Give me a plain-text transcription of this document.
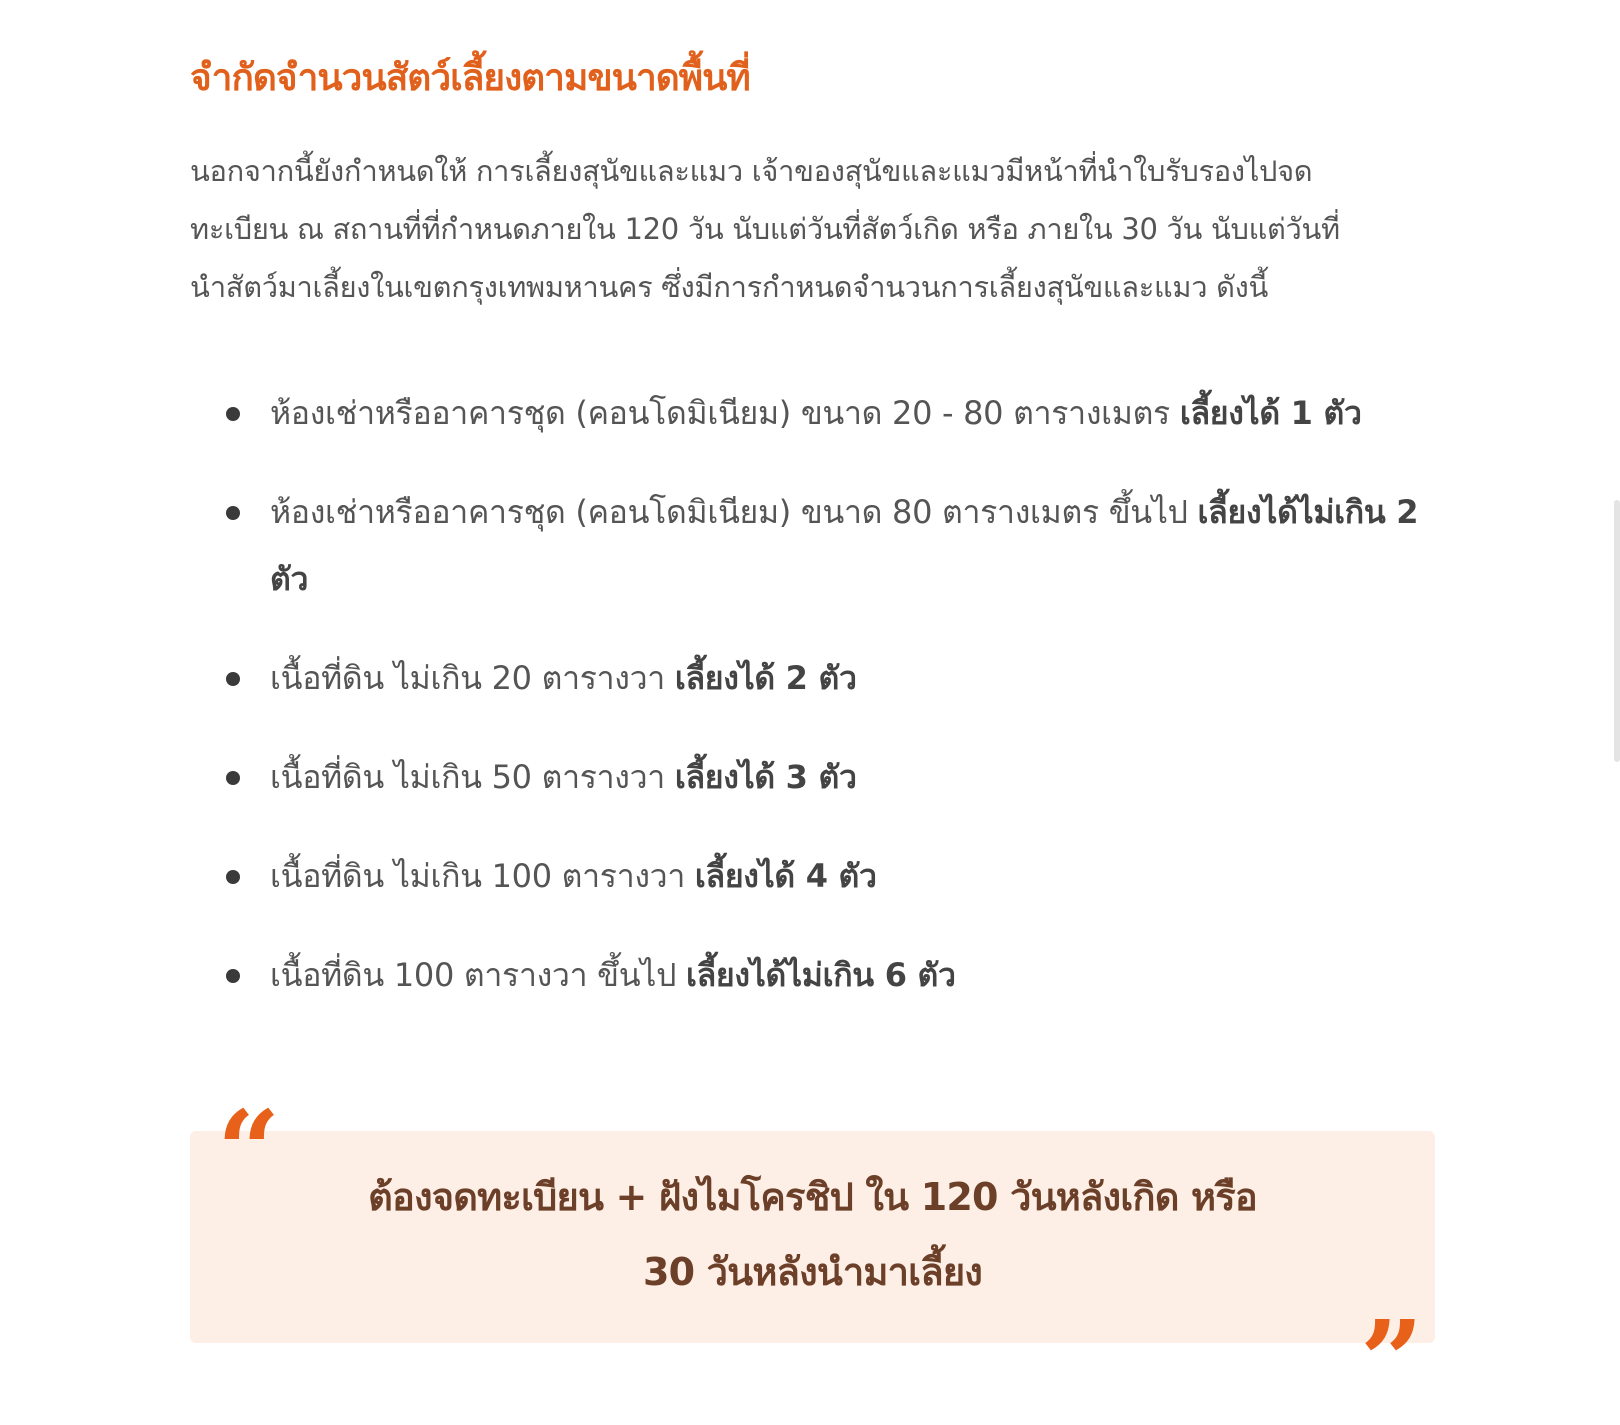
จำกัดจำนวนสัตว์เลี้ยงตามขนาดพื้นที่

นอกจากนี้ยังกำหนดให้ การเลี้ยงสุนัขและแมว เจ้าของสุนัขและแมวมีหน้าที่นำใบรับรองไปจด
ทะเบียน ณ สถานที่ที่กำหนดภายใน 120 วัน นับแต่วันที่สัตว์เกิด หรือ ภายใน 30 วัน นับแต่วันที่
นำสัตว์มาเลี้ยงในเขตกรุงเทพมหานคร ซึ่งมีการกำหนดจำนวนการเลี้ยงสุนัขและแมว ดังนี้

ห้องเช่าหรืออาคารชุด (คอนโดมิเนียม) ขนาด 20 - 80 ตารางเมตร เลี้ยงได้ 1 ตัว
ห้องเช่าหรืออาคารชุด (คอนโดมิเนียม) ขนาด 80 ตารางเมตร ขึ้นไป เลี้ยงได้ไม่เกิน 2 ตัว
เนื้อที่ดิน ไม่เกิน 20 ตารางวา เลี้ยงได้ 2 ตัว
เนื้อที่ดิน ไม่เกิน 50 ตารางวา เลี้ยงได้ 3 ตัว
เนื้อที่ดิน ไม่เกิน 100 ตารางวา เลี้ยงได้ 4 ตัว
เนื้อที่ดิน 100 ตารางวา ขึ้นไป เลี้ยงได้ไม่เกิน 6 ตัว
“	ต้องจดทะเบียน + ฝังไมโครชิป ใน 120 วันหลังเกิด หรือ
30 วันหลังนำมาเลี้ยง

”
